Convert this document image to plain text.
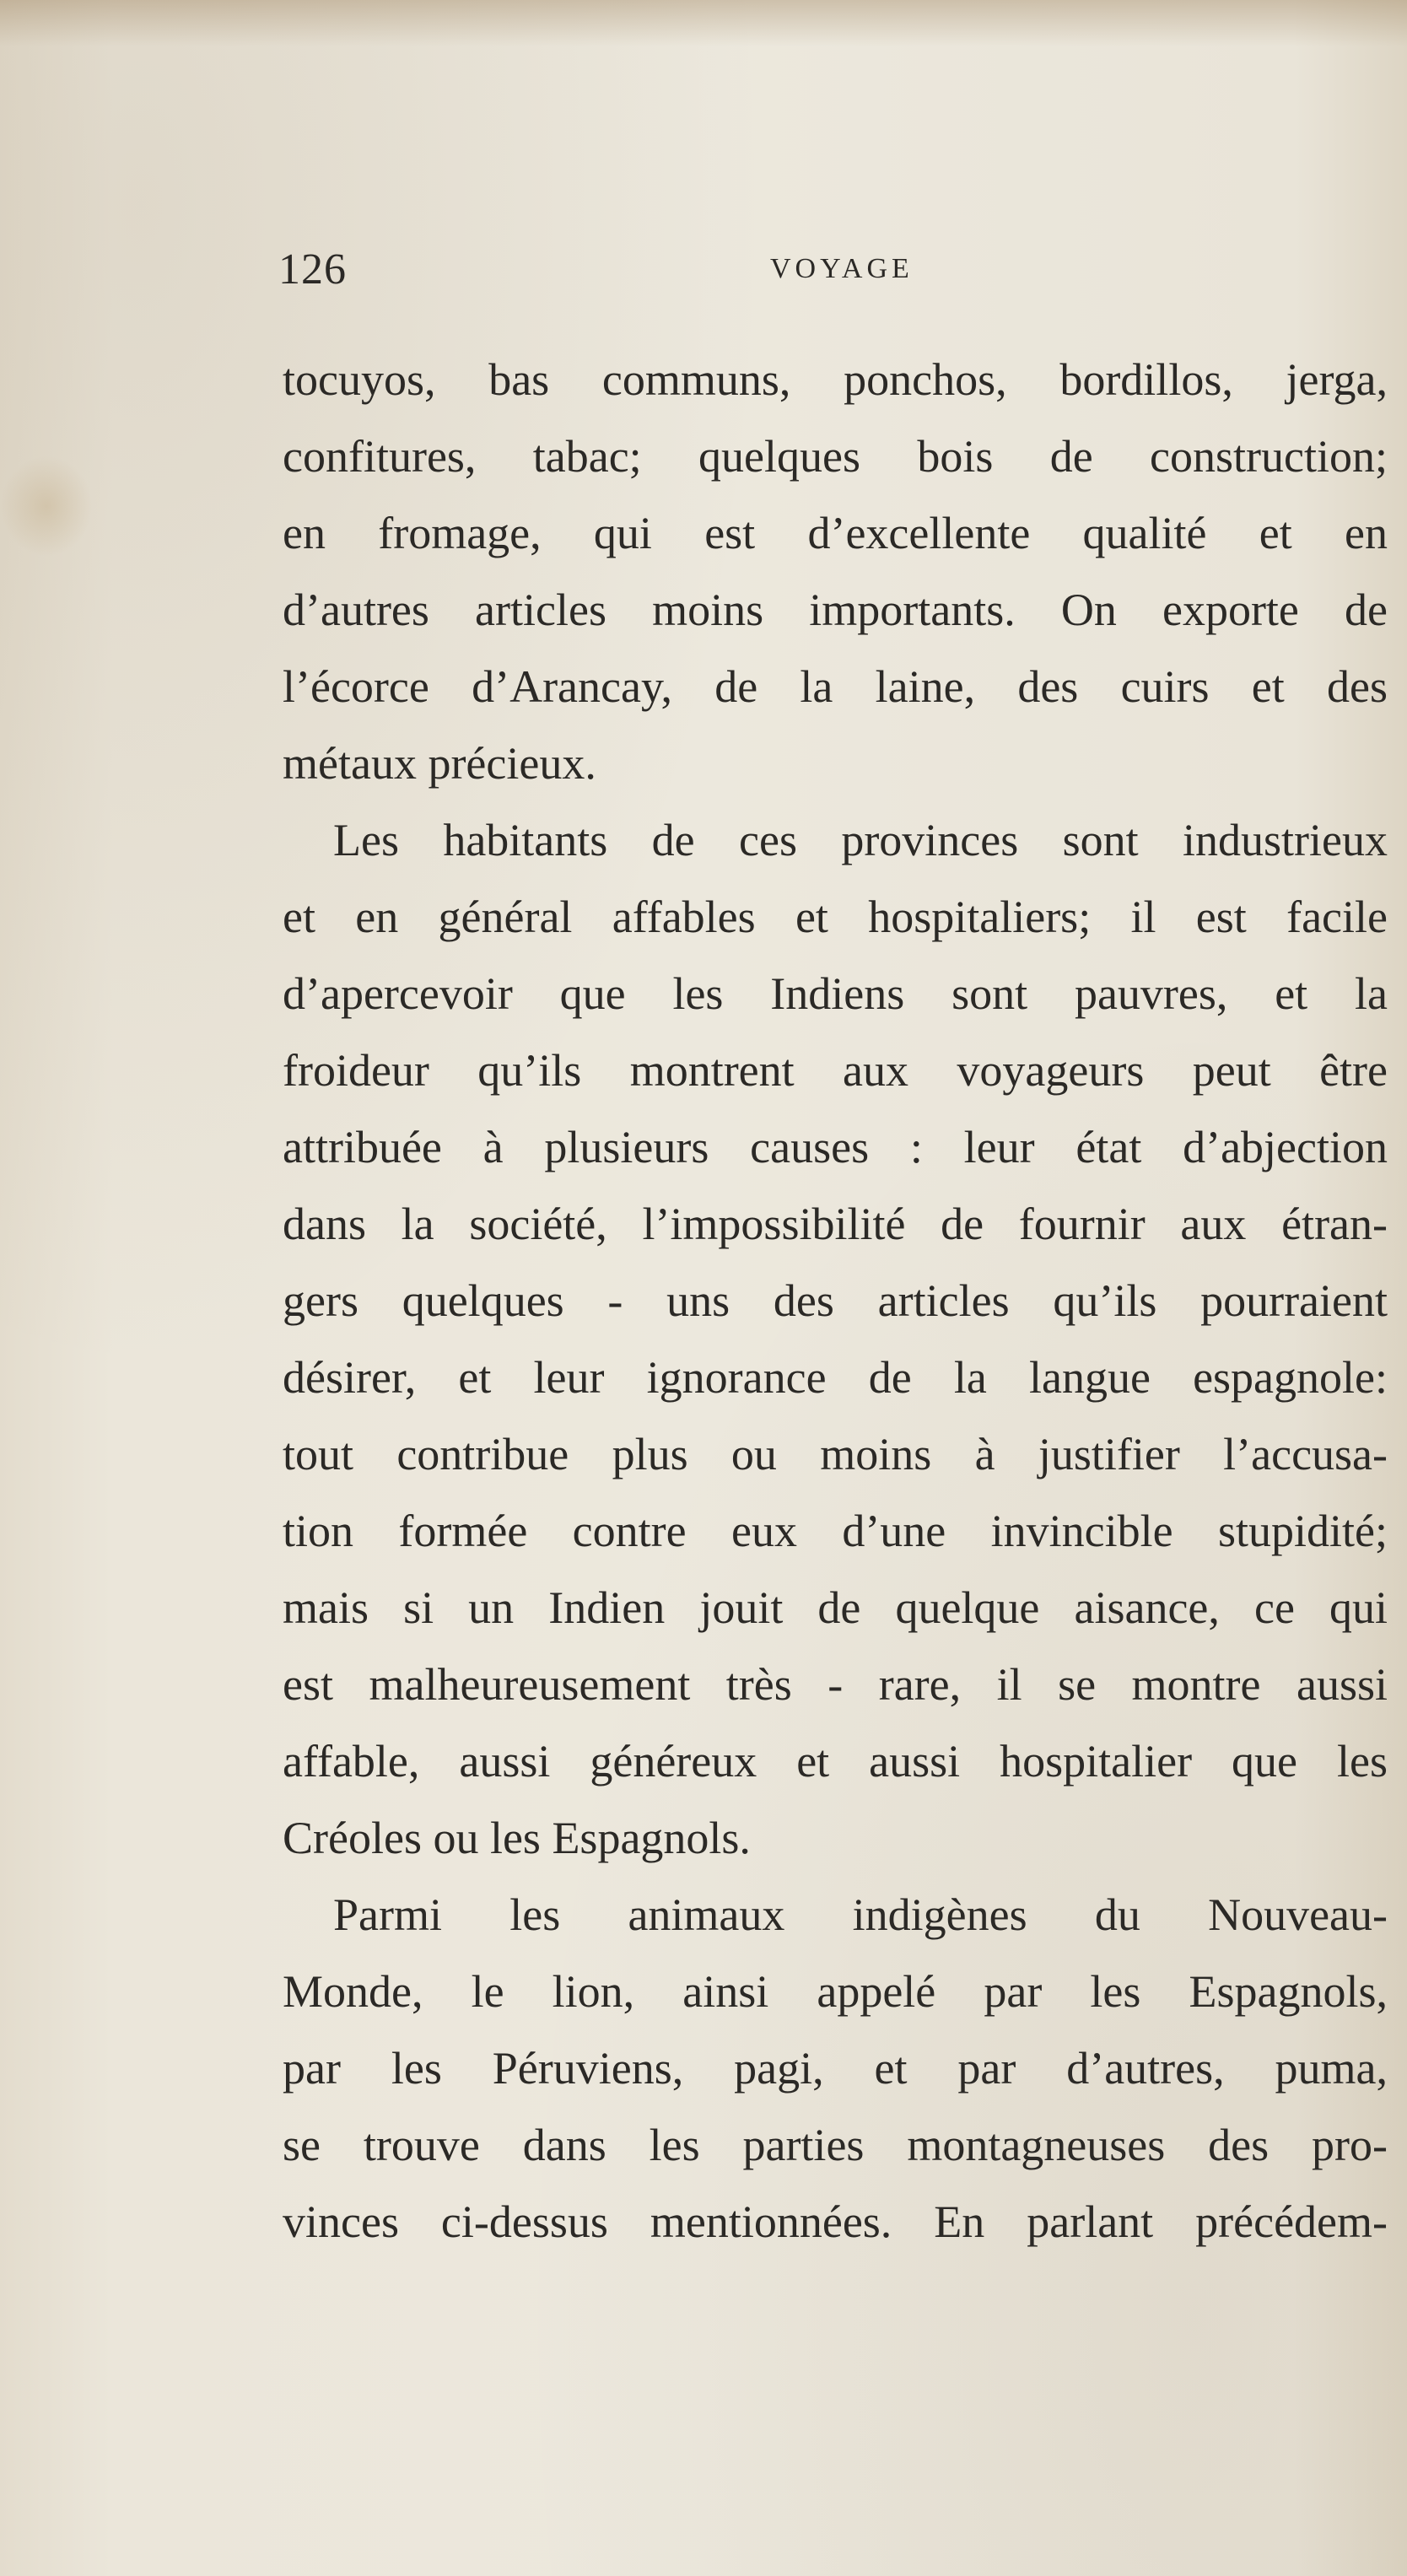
126	VOYAGE
tocuyos, bas communs, ponchos, bordillos, jerga,
confitures, tabac; quelques bois de construction;
en fromage, qui est d’excellente qualité et en
d’autres articles moins importants. On exporte de
l’écorce d’Arancay, de la laine, des cuirs et des
métaux précieux.
Les habitants de ces provinces sont industrieux
et en général affables et hospitaliers; il est facile
d’apercevoir que les Indiens sont pauvres, et la
froideur qu’ils montrent aux voyageurs peut être
attribuée à plusieurs causes : leur état d’abjection
dans la société, l’impossibilité de fournir aux étran-
gers quelques - uns des articles qu’ils pourraient
désirer, et leur ignorance de la langue espagnole:
tout contribue plus ou moins à justifier l’accusa-
tion formée contre eux d’une invincible stupidité;
mais si un Indien jouit de quelque aisance, ce qui
est malheureusement très - rare, il se montre aussi
affable, aussi généreux et aussi hospitalier que les
Créoles ou les Espagnols.
Parmi les animaux indigènes du Nouveau-
Monde, le lion, ainsi appelé par les Espagnols,
par les Péruviens, pagi, et par d’autres, puma,
se trouve dans les parties montagneuses des pro-
vinces ci-dessus mentionnées. En parlant précédem-
